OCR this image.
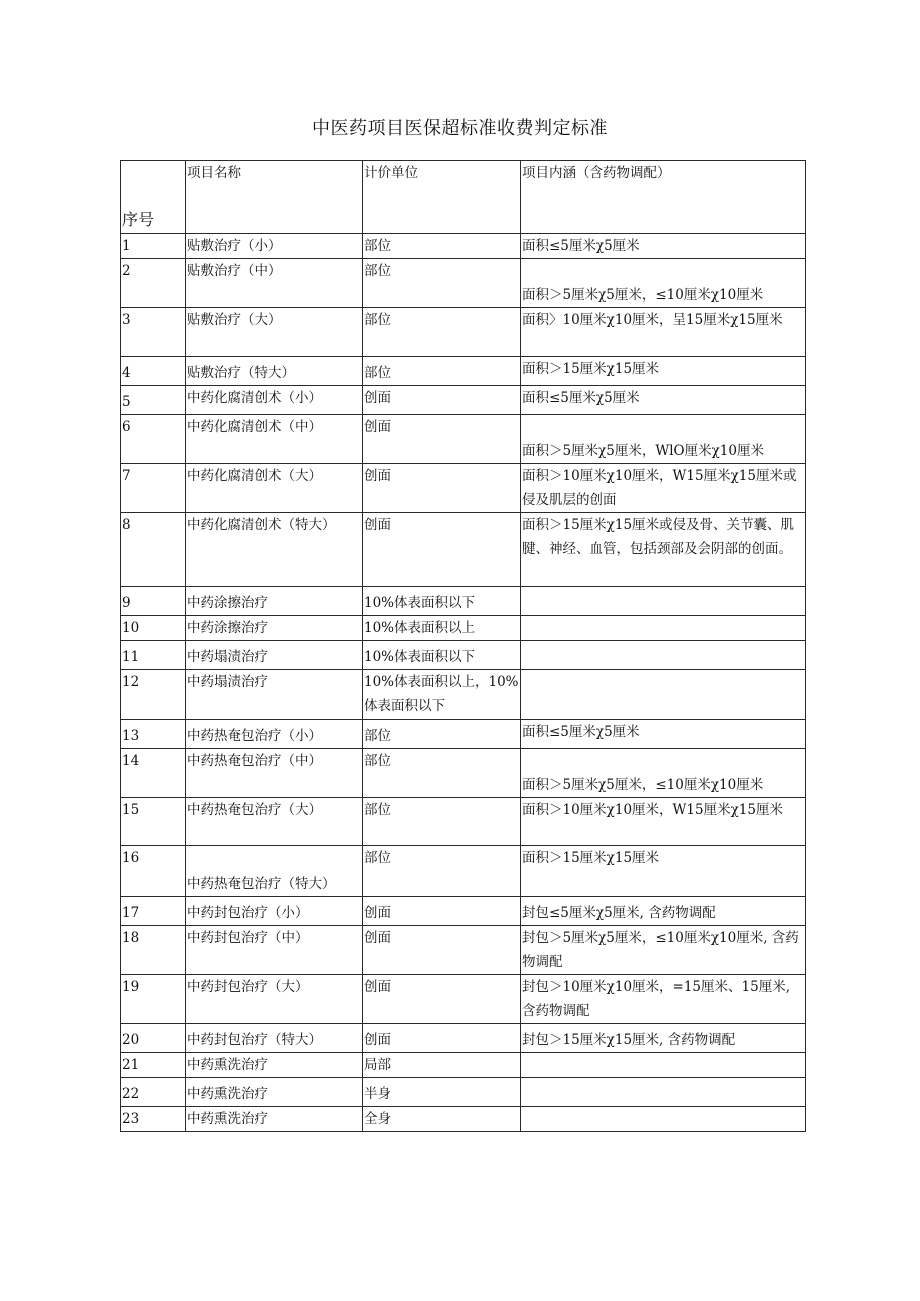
中医药项目医保超标准收费判定标准
序号	项目名称	计价单位	项目内涵（含药物调配）
1	贴敷治疗（小）	部位	面积≤5厘米χ5厘米
2	贴敷治疗（中）	部位	面积＞5厘米χ5厘米，≤10厘米χ10厘米
3	贴敷治疗（大）	部位	面积〉10厘米χ10厘米，呈15厘米χ15厘米
4	贴敷治疗（特大）	部位	面积＞15厘米χ15厘米
5	中药化腐清创术（小）	创面	面积≤5厘米χ5厘米
6	中药化腐清创术（中）	创面	面积＞5厘米χ5厘米，WlO厘米χ10厘米
7	中药化腐清创术（大）	创面	面积＞10厘米χ10厘米，W15厘米χ15厘米或侵及肌层的创面
8	中药化腐清创术（特大）	创面	面积＞15厘米χ15厘米或侵及骨、关节囊、肌腱、神经、血管，包括颈部及会阴部的创面。
9	中药涂擦治疗	10%体表面积以下	
10	中药涂擦治疗	10%体表面积以上	
11	中药塌渍治疗	10%体表面积以下	
12	中药塌渍治疗	10%体表面积以上，10%体表面积以下	
13	中药热奄包治疗（小）	部位	面积≤5厘米χ5厘米
14	中药热奄包治疗（中）	部位	面积＞5厘米χ5厘米，≤10厘米χ10厘米
15	中药热奄包治疗（大）	部位	面积＞10厘米χ10厘米，W15厘米χ15厘米
16	中药热奄包治疗（特大）	部位	面积＞15厘米χ15厘米
17	中药封包治疗（小）	创面	封包≤5厘米χ5厘米, 含药物调配
18	中药封包治疗（中）	创面	封包＞5厘米χ5厘米，≤10厘米χ10厘米, 含药物调配
19	中药封包治疗（大）	创面	封包＞10厘米χ10厘米，=15厘米、15厘米, 含药物调配
20	中药封包治疗（特大）	创面	封包＞15厘米χ15厘米, 含药物调配
21	中药熏洗治疗	局部	
22	中药熏洗治疗	半身	
23	中药熏洗治疗	全身	
